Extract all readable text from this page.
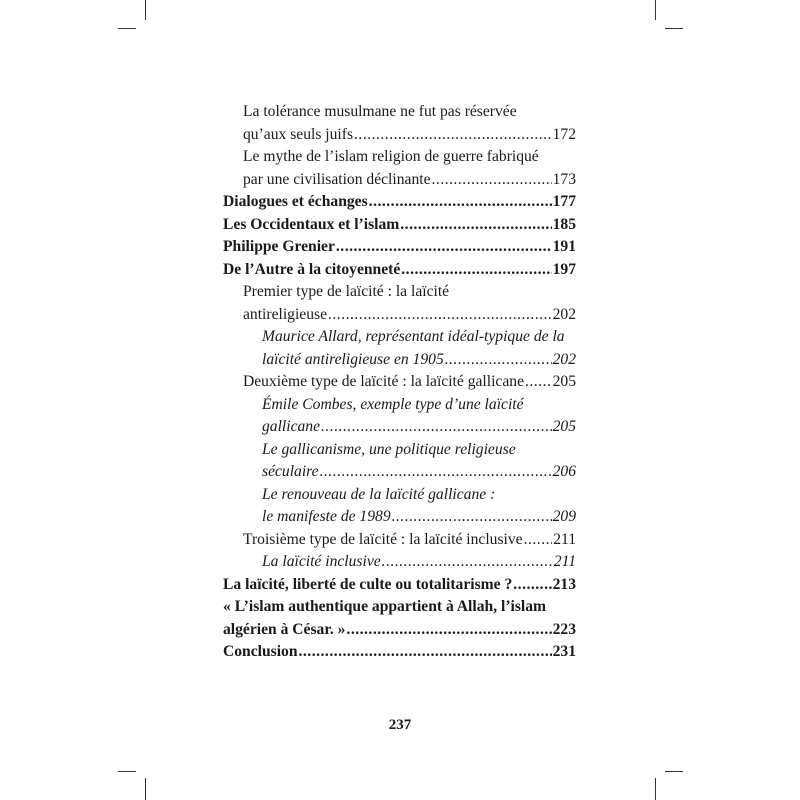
La tolérance musulmane ne fut pas réservée
qu’aux seuls juifs .....	172
Le mythe de l’islam religion de guerre fabriqué
par une civilisation déclinante .....	173
Dialogues et échanges .....	177
Les Occidentaux et l’islam .....	185
Philippe Grenier .....	191
De l’Autre à la citoyenneté .....	197
Premier type de laïcité : la laïcité
antireligieuse .....	202
Maurice Allard, représentant idéal-typique de la
laïcité antireligieuse en 1905 .....	202
Deuxième type de laïcité : la laïcité gallicane ..... 205
Émile Combes, exemple type d’une laïcité
gallicane .....	205
Le gallicanisme, une politique religieuse
séculaire .....	206
Le renouveau de la laïcité gallicane :
le manifeste de 1989 .....	209
Troisième type de laïcité : la laïcité inclusive ..... 211
La laïcité inclusive .....	211
La laïcité, liberté de culte ou totalitarisme ? .....	213
« L’islam authentique appartient à Allah, l’islam
algérien à César. » .....	223
Conclusion .....	231
237
